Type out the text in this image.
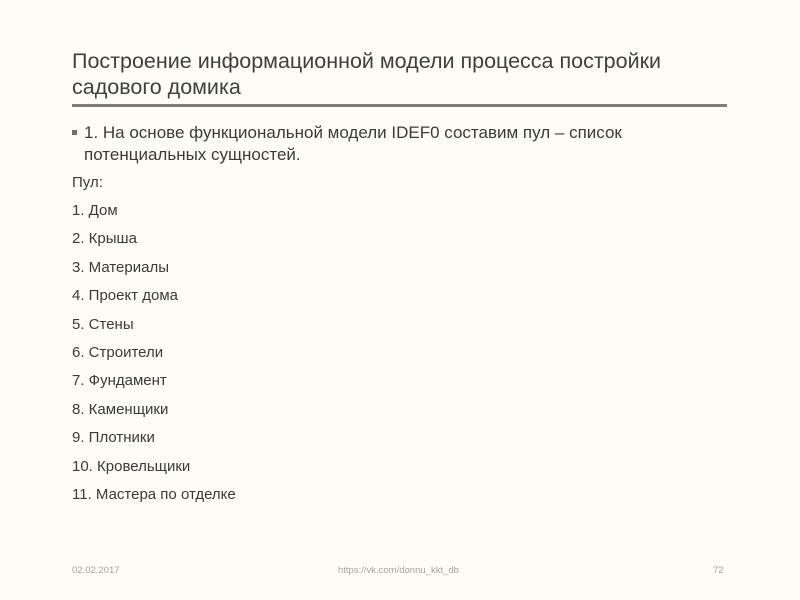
Построение информационной модели процесса постройки садового домика
1. На основе функциональной модели IDEF0 составим пул – список потенциальных сущностей.
Пул:
1. Дом
2. Крыша
3. Материалы
4. Проект дома
5. Стены
6. Строители
7. Фундамент
8. Каменщики
9. Плотники
10. Кровельщики
11. Мастера по отделке
02.02.2017	https://vk.com/donnu_kkt_db	72
